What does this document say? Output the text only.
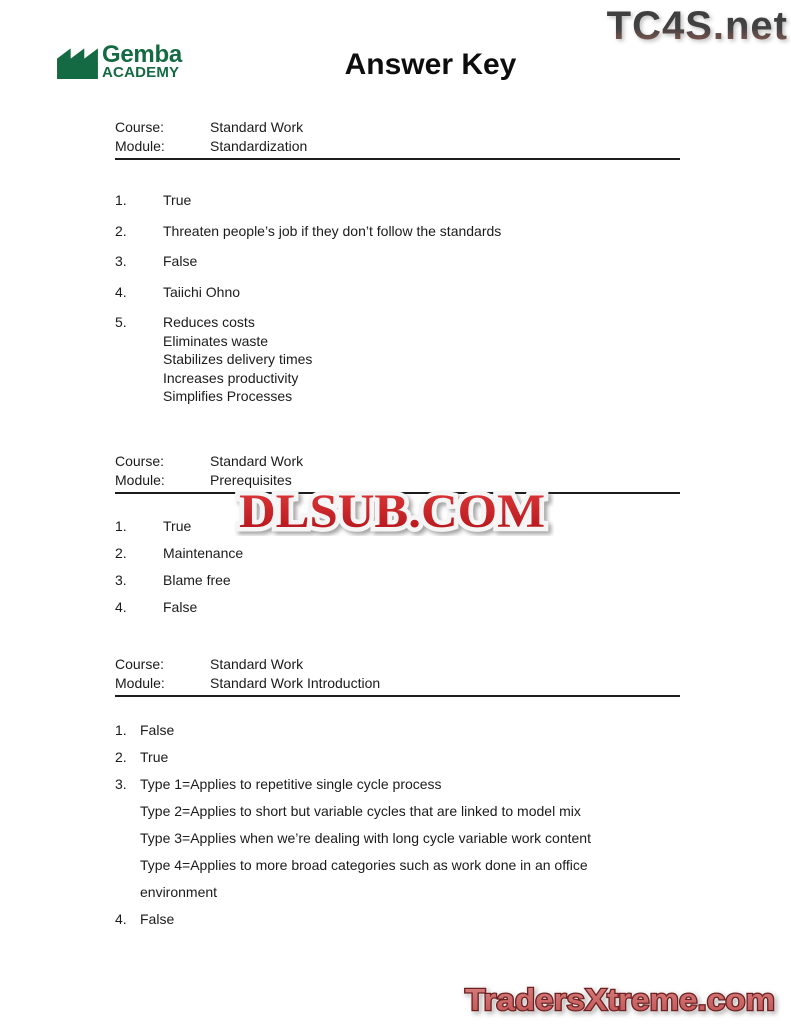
TC4S.net
Gemba
ACADEMY	Answer Key
Course:	Standard Work
Module:	Standardization
1.	True
2.	Threaten people’s job if they don’t follow the standards
3.	False
4.	Taiichi Ohno
5.	Reduces costs
Eliminates waste
Stabilizes delivery times
Increases productivity
Simplifies Processes
Course:	Standard Work
Module:	Prerequisites
1.	True
2.	Maintenance
3.	Blame free
4.	False
Course:	Standard Work
Module:	Standard Work Introduction
1. False
2. True
3. Type 1=Applies to repetitive single cycle process
Type 2=Applies to short but variable cycles that are linked to model mix
Type 3=Applies when we’re dealing with long cycle variable work content
Type 4=Applies to more broad categories such as work done in an office
environment
4. False
DLSUB.COM
TradersXtreme.com
